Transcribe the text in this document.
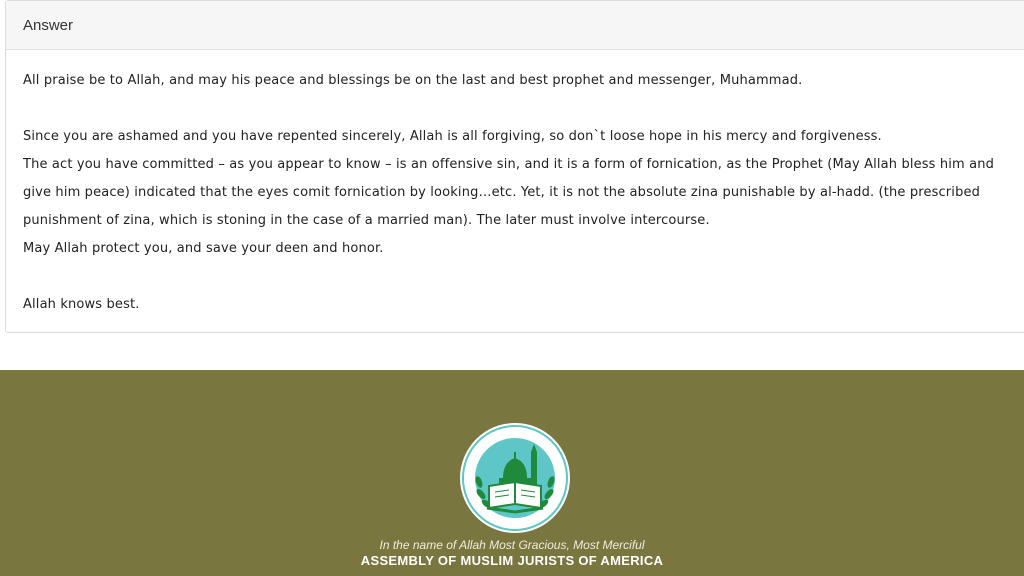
Answer
All praise be to Allah, and may his peace and blessings be on the last and best prophet and messenger, Muhammad.
Since you are ashamed and you have repented sincerely, Allah is all forgiving, so don`t loose hope in his mercy and forgiveness.
The act you have committed – as you appear to know – is an offensive sin, and it is a form of fornication, as the Prophet (May Allah bless him and
give him peace) indicated that the eyes comit fornication by looking…etc. Yet, it is not the absolute zina punishable by al-hadd. (the prescribed
punishment of zina, which is stoning in the case of a married man). The later must involve intercourse.
May Allah protect you, and save your deen and honor.
Allah knows best.
In the name of Allah Most Gracious, Most Merciful
ASSEMBLY OF MUSLIM JURISTS OF AMERICA
